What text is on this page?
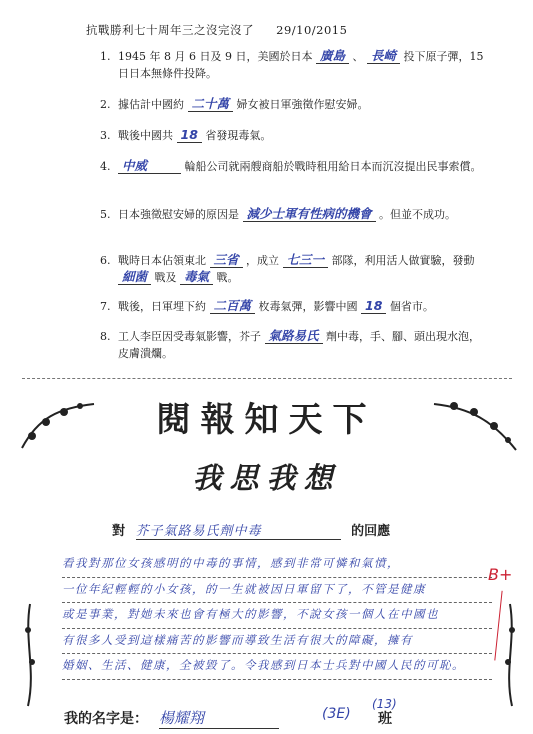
抗戰勝利七十周年三之沒完沒了 29/10/2015
1. 1945 年 8 月 6 日及 9 日，美國於日本 廣島 、 長崎 投下原子彈，15 日日本無條件投降。
2. 據估計中國約 二十萬 婦女被日軍強徵作慰安婦。
3. 戰後中國共 18 省發現毒氣。
4. 中威	輪船公司就兩艘商船於戰時租用給日本而沉沒提出民事索償。
5. 日本強徵慰安婦的原因是 減少士軍有性病的機會 。但並不成功。
6. 戰時日本佔領東北 三省 ，成立 七三一 部隊，利用活人做實驗，發動 細菌 戰及 毒氣 戰。
7. 戰後，日軍埋下約 二百萬 枚毒氣彈，影響中國 18 個省市。
8. 工人李臣因受毒氣影響，芥子 氣路易氏 劑中毒，手、腳、頭出現水泡，皮膚潰爛。
閱報知天下
我思我想
對 芥子氣路易氏劑中毒	的回應
看我對那位女孩感明的中毒的事情，感到非常可憐和氣憤，
一位年紀輕輕的小女孩，的一生就被因日軍留下了，不管是健康
或是事業，對她未來也會有極大的影響，不說女孩一個人在中國也
有很多人受到這樣痛苦的影響而導致生活有很大的障礙，擁有
婚姻、生活、健康，全被毀了。令我感到日本士兵對中國人民的可恥。
B+
我的名字是： 楊耀翔	(3E)
(13)
班
